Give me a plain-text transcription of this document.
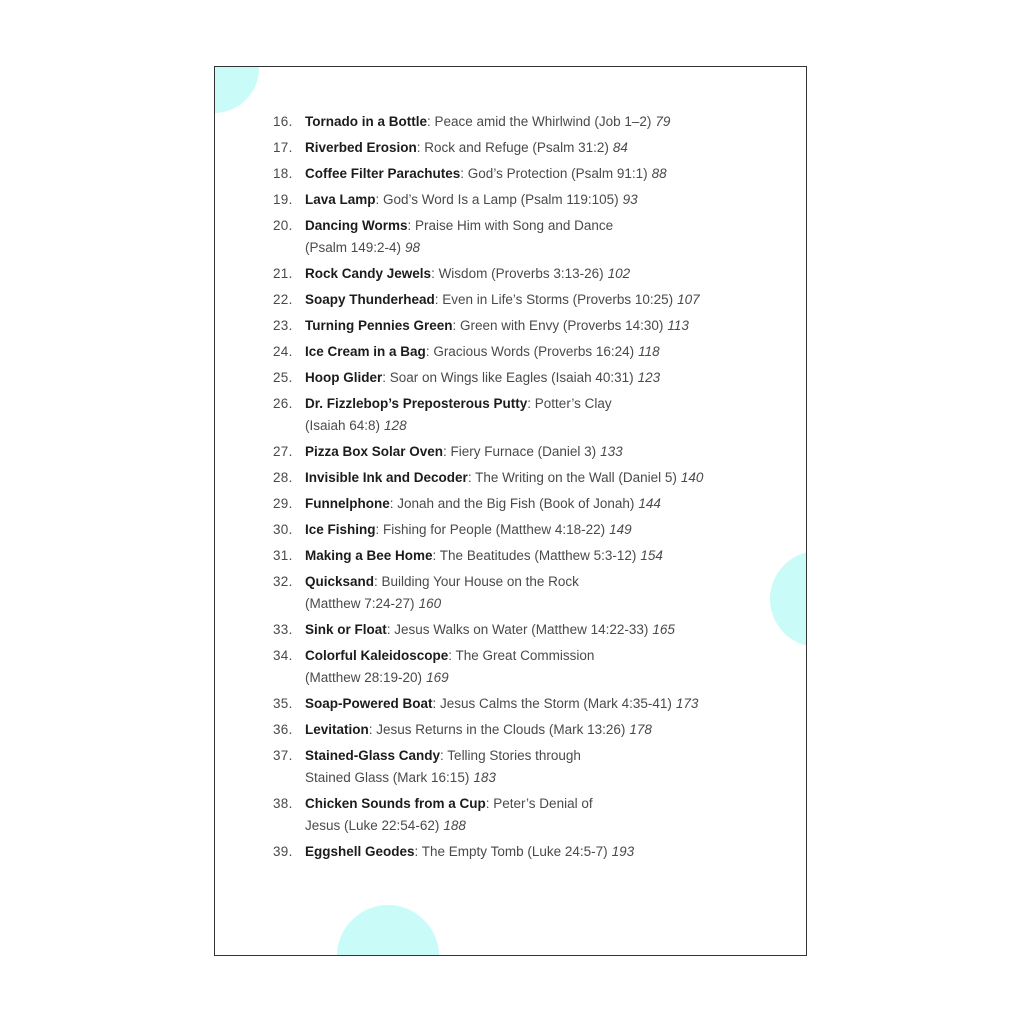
16. Tornado in a Bottle: Peace amid the Whirlwind (Job 1–2) 79
17. Riverbed Erosion: Rock and Refuge (Psalm 31:2) 84
18. Coffee Filter Parachutes: God’s Protection (Psalm 91:1) 88
19. Lava Lamp: God’s Word Is a Lamp (Psalm 119:105) 93
20. Dancing Worms: Praise Him with Song and Dance (Psalm 149:2-4) 98
21. Rock Candy Jewels: Wisdom (Proverbs 3:13-26) 102
22. Soapy Thunderhead: Even in Life’s Storms (Proverbs 10:25) 107
23. Turning Pennies Green: Green with Envy (Proverbs 14:30) 113
24. Ice Cream in a Bag: Gracious Words (Proverbs 16:24) 118
25. Hoop Glider: Soar on Wings like Eagles (Isaiah 40:31) 123
26. Dr. Fizzlebop’s Preposterous Putty: Potter’s Clay (Isaiah 64:8) 128
27. Pizza Box Solar Oven: Fiery Furnace (Daniel 3) 133
28. Invisible Ink and Decoder: The Writing on the Wall (Daniel 5) 140
29. Funnelphone: Jonah and the Big Fish (Book of Jonah) 144
30. Ice Fishing: Fishing for People (Matthew 4:18-22) 149
31. Making a Bee Home: The Beatitudes (Matthew 5:3-12) 154
32. Quicksand: Building Your House on the Rock (Matthew 7:24-27) 160
33. Sink or Float: Jesus Walks on Water (Matthew 14:22-33) 165
34. Colorful Kaleidoscope: The Great Commission (Matthew 28:19-20) 169
35. Soap-Powered Boat: Jesus Calms the Storm (Mark 4:35-41) 173
36. Levitation: Jesus Returns in the Clouds (Mark 13:26) 178
37. Stained-Glass Candy: Telling Stories through Stained Glass (Mark 16:15) 183
38. Chicken Sounds from a Cup: Peter’s Denial of Jesus (Luke 22:54-62) 188
39. Eggshell Geodes: The Empty Tomb (Luke 24:5-7) 193
